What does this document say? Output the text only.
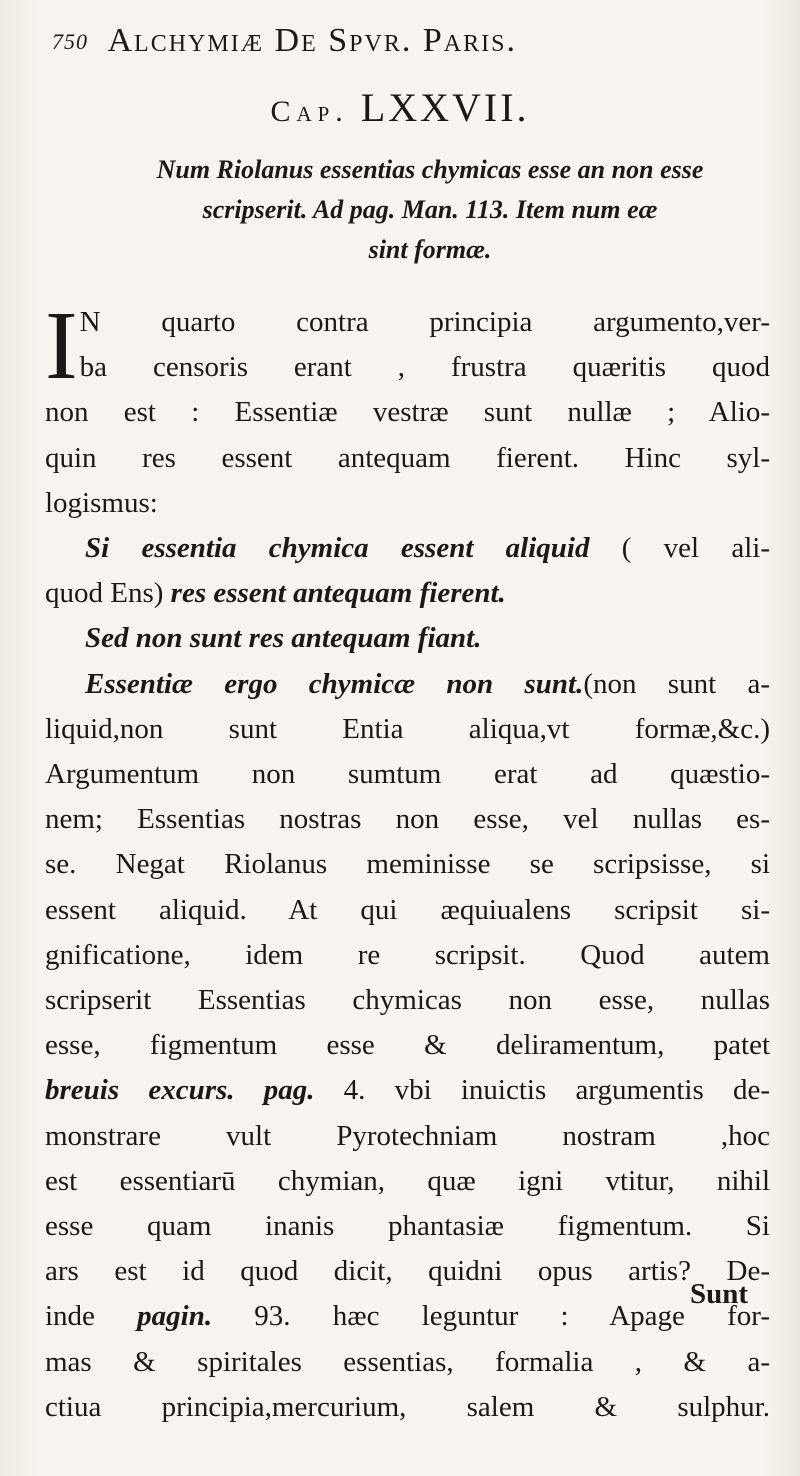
750 Alchymiæ De Spvr. Paris.
Cap. LXXVII.
Num Riolanus essentias chymicas esse an non esse
scripserit. Ad pag. Man. 113. Item num eæ
sint formæ.
I N quarto contra principia argumento,ver-
ba censoris erant , frustra quæritis quod
non est : Essentiæ vestræ sunt nullæ ; Alio-
quin res essent antequam fierent. Hinc syl-
logismus:
Si essentia chymica essent aliquid ( vel ali-
quod Ens) res essent antequam fierent.
Sed non sunt res antequam fiant.
Essentiæ ergo chymicæ non sunt.(non sunt a-
liquid,non sunt Entia aliqua,vt formæ,&c.)
Argumentum non sumtum erat ad quæstio-
nem; Essentias nostras non esse, vel nullas es-
se. Negat Riolanus meminisse se scripsisse, si
essent aliquid. At qui æquiualens scripsit si-
gnificatione, idem re scripsit. Quod autem
scripserit Essentias chymicas non esse, nullas
esse, figmentum esse & deliramentum, patet
breuis excurs. pag. 4. vbi inuictis argumentis de-
monstrare vult Pyrotechniam nostram ,hoc
est essentiarū chymian, quæ igni vtitur, nihil
esse quam inanis phantasiæ figmentum. Si
ars est id quod dicit, quidni opus artis? De-
inde pagin. 93. hæc leguntur : Apage for-
mas & spiritales essentias, formalia , & a-
ctiua principia,mercurium, salem & sulphur.
Sunt
